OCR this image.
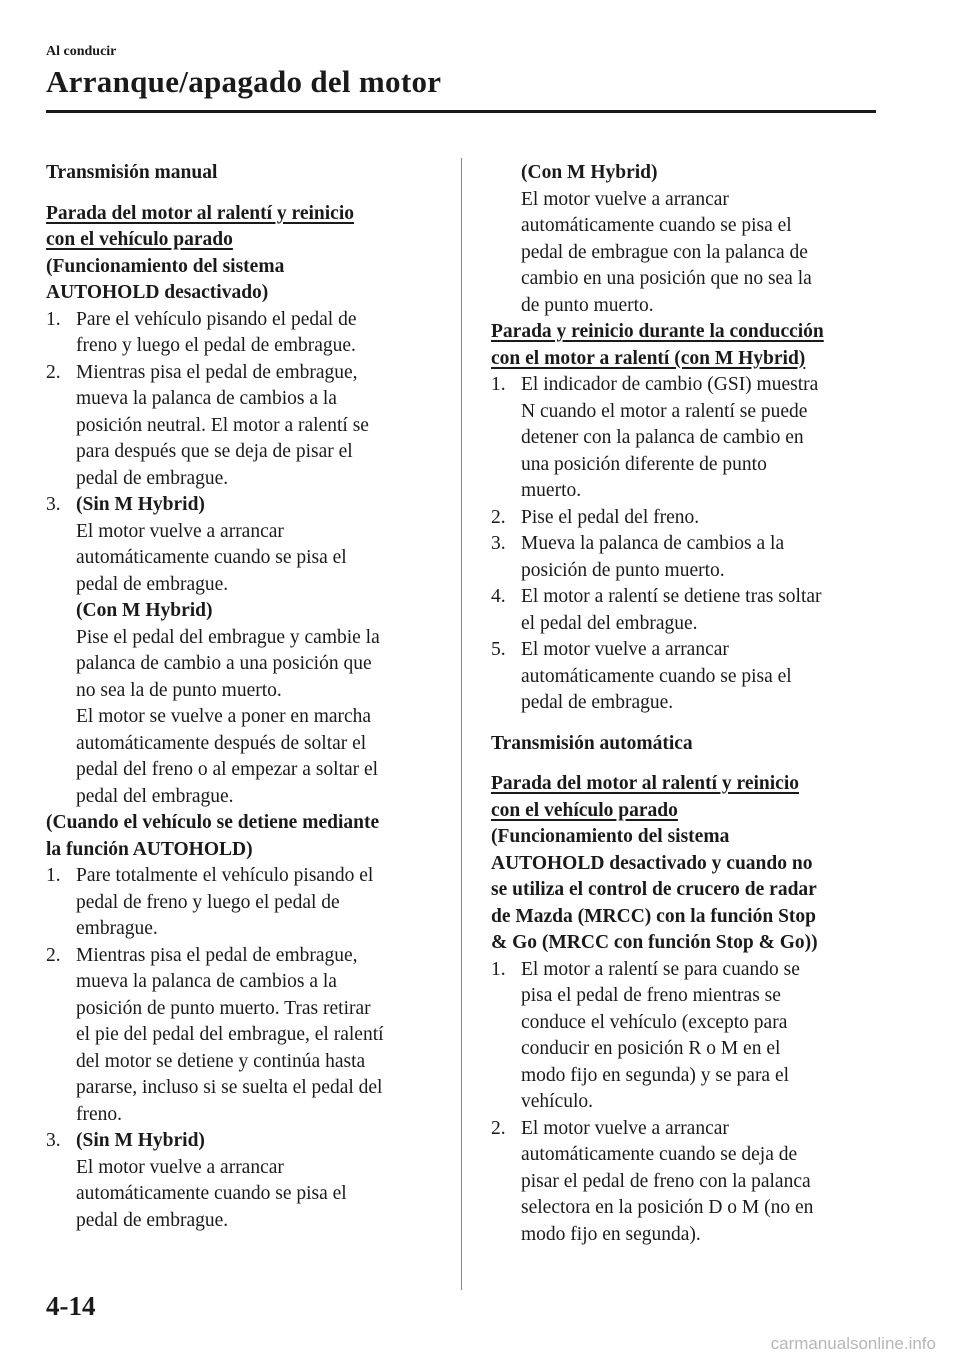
Al conducir
Arranque/apagado del motor
Transmisión manual
Parada del motor al ralentí y reinicio
con el vehículo parado
(Funcionamiento del sistema
AUTOHOLD desactivado)
1. Pare el vehículo pisando el pedal de
freno y luego el pedal de embrague.
2. Mientras pisa el pedal de embrague,
mueva la palanca de cambios a la
posición neutral. El motor a ralentí se
para después que se deja de pisar el
pedal de embrague.
3. (Sin M Hybrid)
El motor vuelve a arrancar
automáticamente cuando se pisa el
pedal de embrague.
(Con M Hybrid)
Pise el pedal del embrague y cambie la
palanca de cambio a una posición que
no sea la de punto muerto.
El motor se vuelve a poner en marcha
automáticamente después de soltar el
pedal del freno o al empezar a soltar el
pedal del embrague.
(Cuando el vehículo se detiene mediante
la función AUTOHOLD)
1. Pare totalmente el vehículo pisando el
pedal de freno y luego el pedal de
embrague.
2. Mientras pisa el pedal de embrague,
mueva la palanca de cambios a la
posición de punto muerto. Tras retirar
el pie del pedal del embrague, el ralentí
del motor se detiene y continúa hasta
pararse, incluso si se suelta el pedal del
freno.
3. (Sin M Hybrid)
El motor vuelve a arrancar
automáticamente cuando se pisa el
pedal de embrague.
(Con M Hybrid)
El motor vuelve a arrancar
automáticamente cuando se pisa el
pedal de embrague con la palanca de
cambio en una posición que no sea la
de punto muerto.
Parada y reinicio durante la conducción
con el motor a ralentí (con M Hybrid)
1. El indicador de cambio (GSI) muestra
N cuando el motor a ralentí se puede
detener con la palanca de cambio en
una posición diferente de punto
muerto.
2. Pise el pedal del freno.
3. Mueva la palanca de cambios a la
posición de punto muerto.
4. El motor a ralentí se detiene tras soltar
el pedal del embrague.
5. El motor vuelve a arrancar
automáticamente cuando se pisa el
pedal de embrague.
Transmisión automática
Parada del motor al ralentí y reinicio
con el vehículo parado
(Funcionamiento del sistema
AUTOHOLD desactivado y cuando no
se utiliza el control de crucero de radar
de Mazda (MRCC) con la función Stop
& Go (MRCC con función Stop & Go))
1. El motor a ralentí se para cuando se
pisa el pedal de freno mientras se
conduce el vehículo (excepto para
conducir en posición R o M en el
modo fijo en segunda) y se para el
vehículo.
2. El motor vuelve a arrancar
automáticamente cuando se deja de
pisar el pedal de freno con la palanca
selectora en la posición D o M (no en
modo fijo en segunda).
4-14
carmanualsonline.info
